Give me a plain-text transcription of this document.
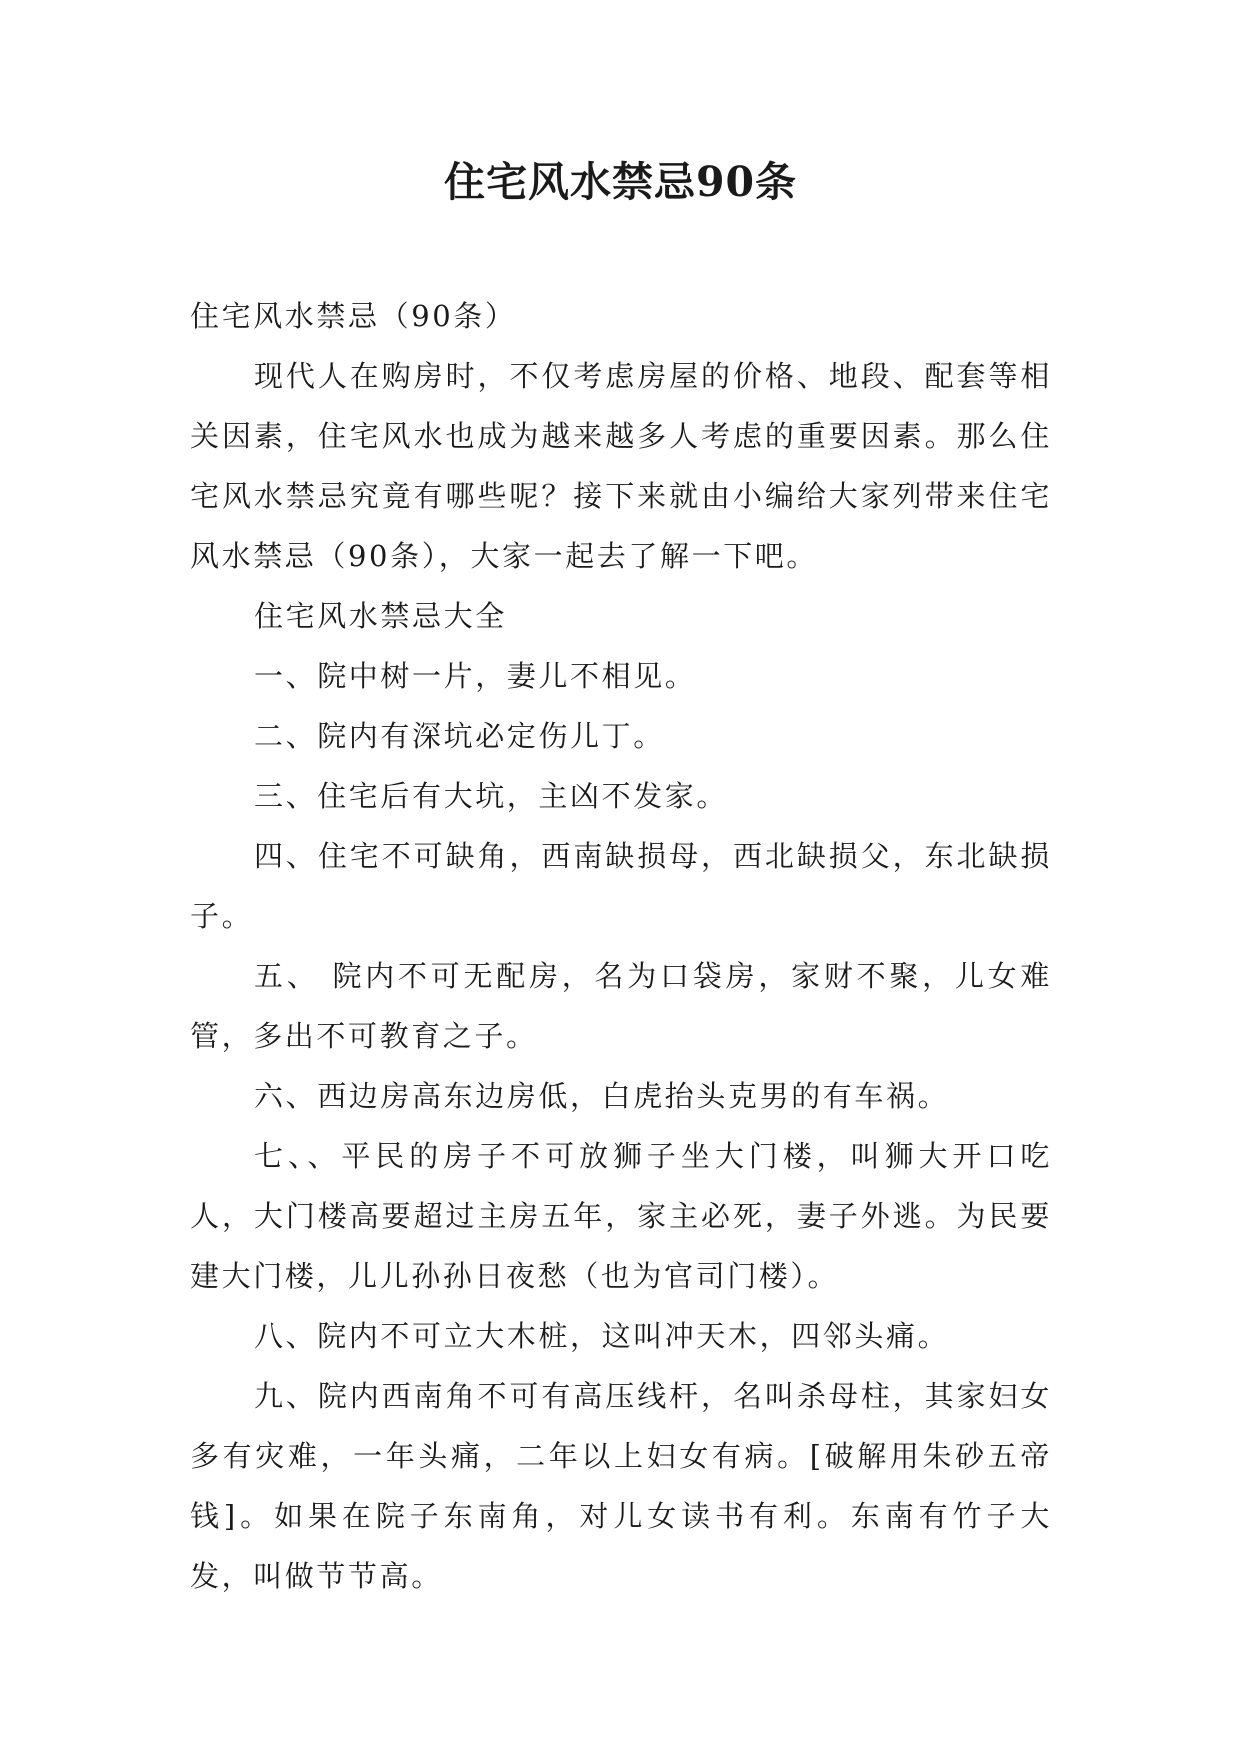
住宅风水禁忌90条

住宅风水禁忌（90条）

现代人在购房时，不仅考虑房屋的价格、地段、配套等相关因素，住宅风水也成为越来越多人考虑的重要因素。那么住宅风水禁忌究竟有哪些呢？接下来就由小编给大家列带来住宅风水禁忌（90条），大家一起去了解一下吧。

住宅风水禁忌大全

一、院中树一片，妻儿不相见。

二、院内有深坑必定伤儿丁。

三、住宅后有大坑，主凶不发家。

四、住宅不可缺角，西南缺损母，西北缺损父，东北缺损子。

五、 院内不可无配房，名为口袋房，家财不聚，儿女难管，多出不可教育之子。

六、西边房高东边房低，白虎抬头克男的有车祸。

七、、平民的房子不可放狮子坐大门楼，叫狮大开口吃人，大门楼高要超过主房五年，家主必死，妻子外逃。为民要建大门楼，儿儿孙孙日夜愁（也为官司门楼）。

八、院内不可立大木桩，这叫冲天木，四邻头痛。

九、院内西南角不可有高压线杆，名叫杀母柱，其家妇女多有灾难，一年头痛，二年以上妇女有病。[破解用朱砂五帝钱]。如果在院子东南角，对儿女读书有利。东南有竹子大发，叫做节节高。
